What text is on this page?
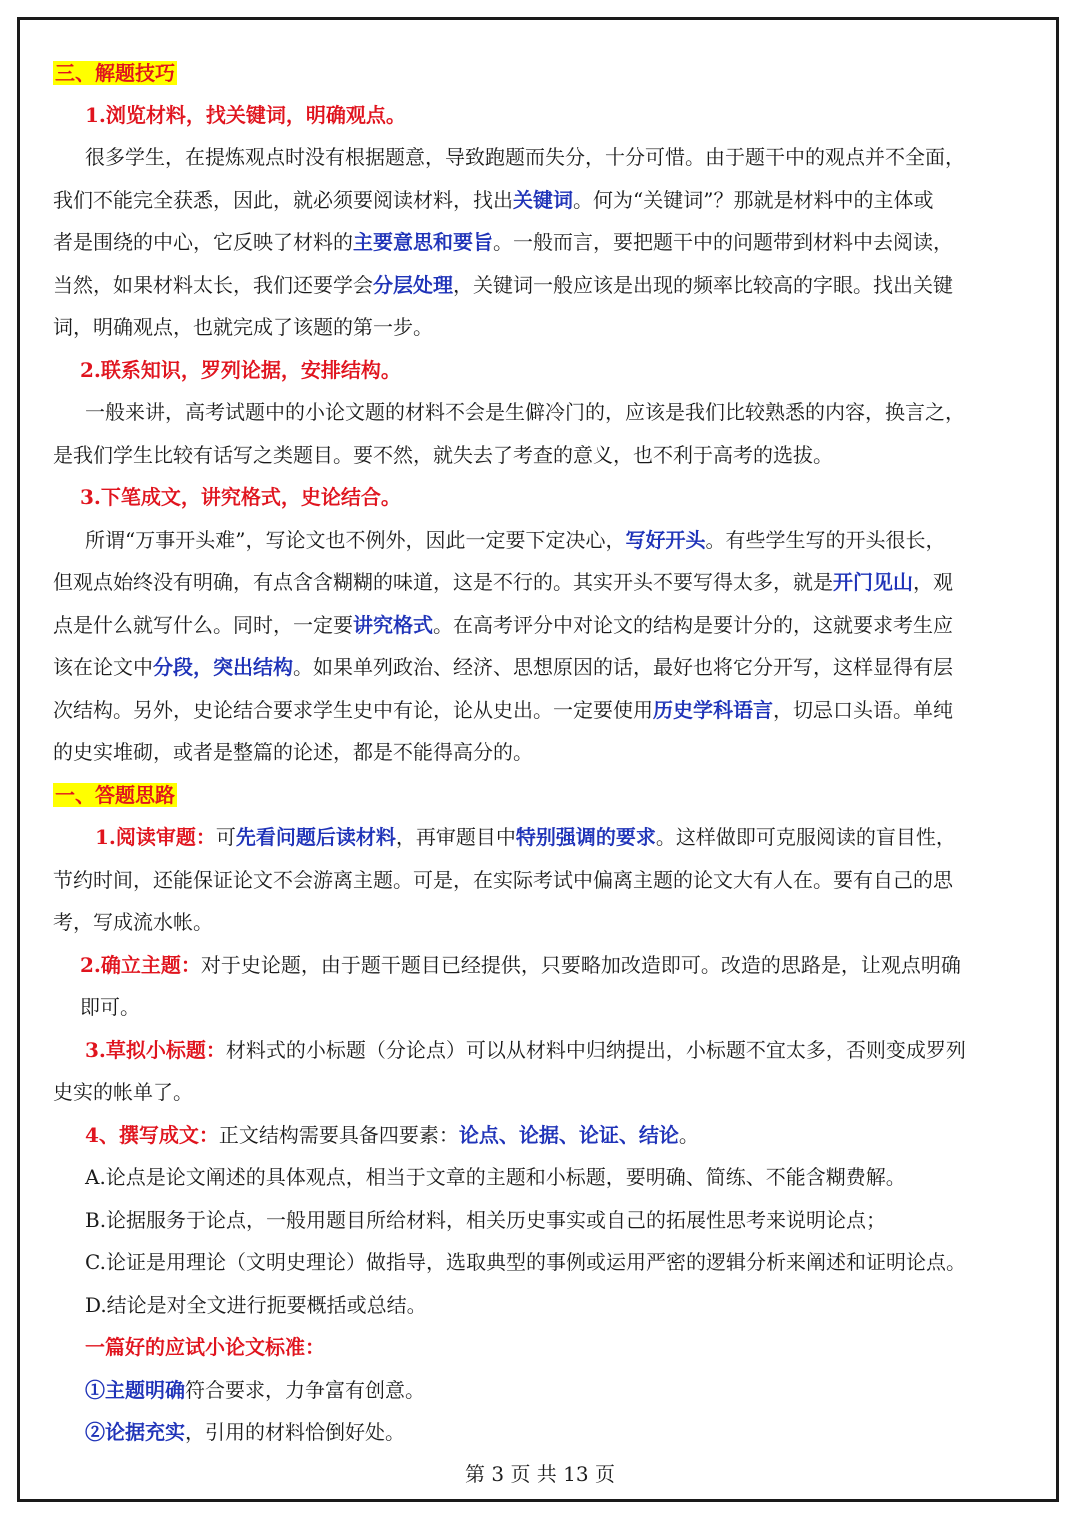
三、解题技巧
1.浏览材料，找关键词，明确观点。
很多学生，在提炼观点时没有根据题意，导致跑题而失分，十分可惜。由于题干中的观点并不全面，
我们不能完全获悉，因此，就必须要阅读材料，找出关键词。何为“关键词”？那就是材料中的主体或
者是围绕的中心，它反映了材料的主要意思和要旨。一般而言，要把题干中的问题带到材料中去阅读，
当然，如果材料太长，我们还要学会分层处理，关键词一般应该是出现的频率比较高的字眼。找出关键
词，明确观点，也就完成了该题的第一步。
2.联系知识，罗列论据，安排结构。
一般来讲，高考试题中的小论文题的材料不会是生僻冷门的，应该是我们比较熟悉的内容，换言之，
是我们学生比较有话写之类题目。要不然，就失去了考查的意义，也不利于高考的选拔。
3.下笔成文，讲究格式，史论结合。
所谓“万事开头难”，写论文也不例外，因此一定要下定决心，写好开头。有些学生写的开头很长，
但观点始终没有明确，有点含含糊糊的味道，这是不行的。其实开头不要写得太多，就是开门见山，观
点是什么就写什么。同时，一定要讲究格式。在高考评分中对论文的结构是要计分的，这就要求考生应
该在论文中分段，突出结构。如果单列政治、经济、思想原因的话，最好也将它分开写，这样显得有层
次结构。另外，史论结合要求学生史中有论，论从史出。一定要使用历史学科语言，切忌口头语。单纯
的史实堆砌，或者是整篇的论述，都是不能得高分的。
一、答题思路
1.阅读审题：可先看问题后读材料，再审题目中特别强调的要求。这样做即可克服阅读的盲目性，
节约时间，还能保证论文不会游离主题。可是，在实际考试中偏离主题的论文大有人在。要有自己的思
考，写成流水帐。
2.确立主题：对于史论题，由于题干题目已经提供，只要略加改造即可。改造的思路是，让观点明确
即可。
3.草拟小标题：材料式的小标题（分论点）可以从材料中归纳提出，小标题不宜太多，否则变成罗列
史实的帐单了。
4、撰写成文：正文结构需要具备四要素：论点、论据、论证、结论。
A.论点是论文阐述的具体观点，相当于文章的主题和小标题，要明确、简练、不能含糊费解。
B.论据服务于论点，一般用题目所给材料，相关历史事实或自己的拓展性思考来说明论点；
C.论证是用理论（文明史理论）做指导，选取典型的事例或运用严密的逻辑分析来阐述和证明论点。
D.结论是对全文进行扼要概括或总结。
一篇好的应试小论文标准：
①主题明确符合要求，力争富有创意。
②论据充实，引用的材料恰倒好处。
第 3 页 共 13 页
